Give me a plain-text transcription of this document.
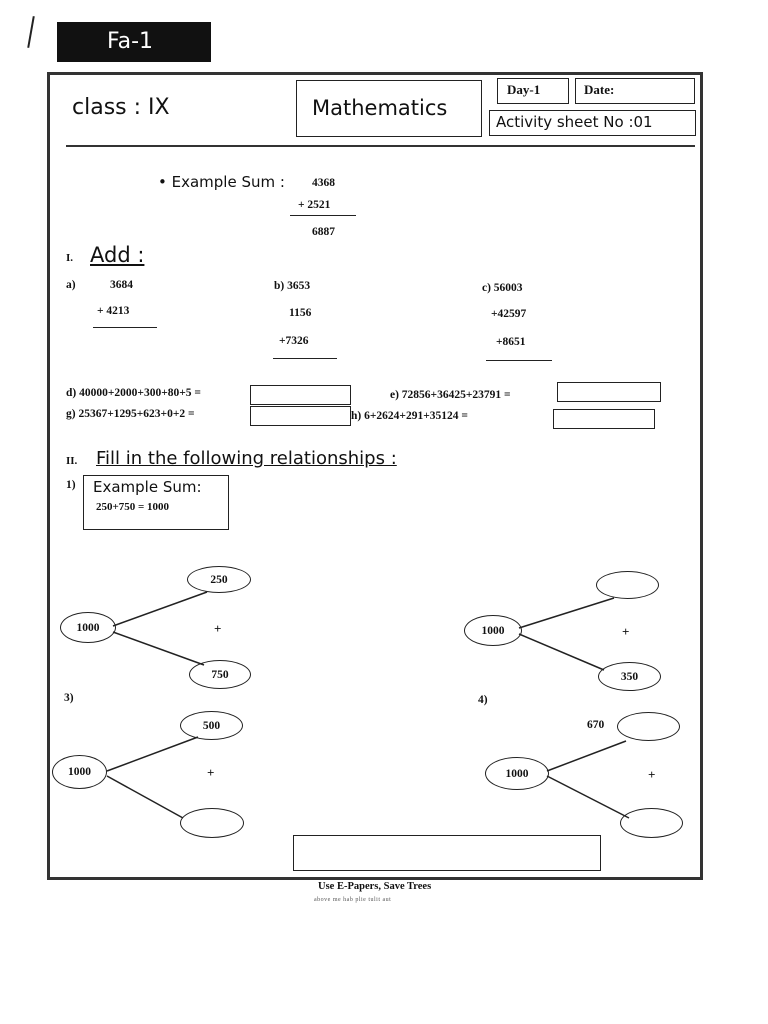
Fa-1
class : IX	Mathematics
Day-1	Date:
Activity sheet No :01
• Example Sum : 4368
+ 2521
6887
I. Add :
a)	3684
+ 4213
b) 3653
1156
+7326
c) 56003
+42597
+8651
d) 40000+2000+300+80+5 =	e) 72856+36425+23791 =
g) 25367+1295+623+0+2 =	h) 6+2624+291+35124 =
II. Fill in the following relationships :
1) Example Sum:
250+750 = 1000
250
1000	+
750
1000	+
350
3)
500
1000	+
4)
670
1000	+
Use E-Papers, Save Trees
above me hab plie tulit aut
